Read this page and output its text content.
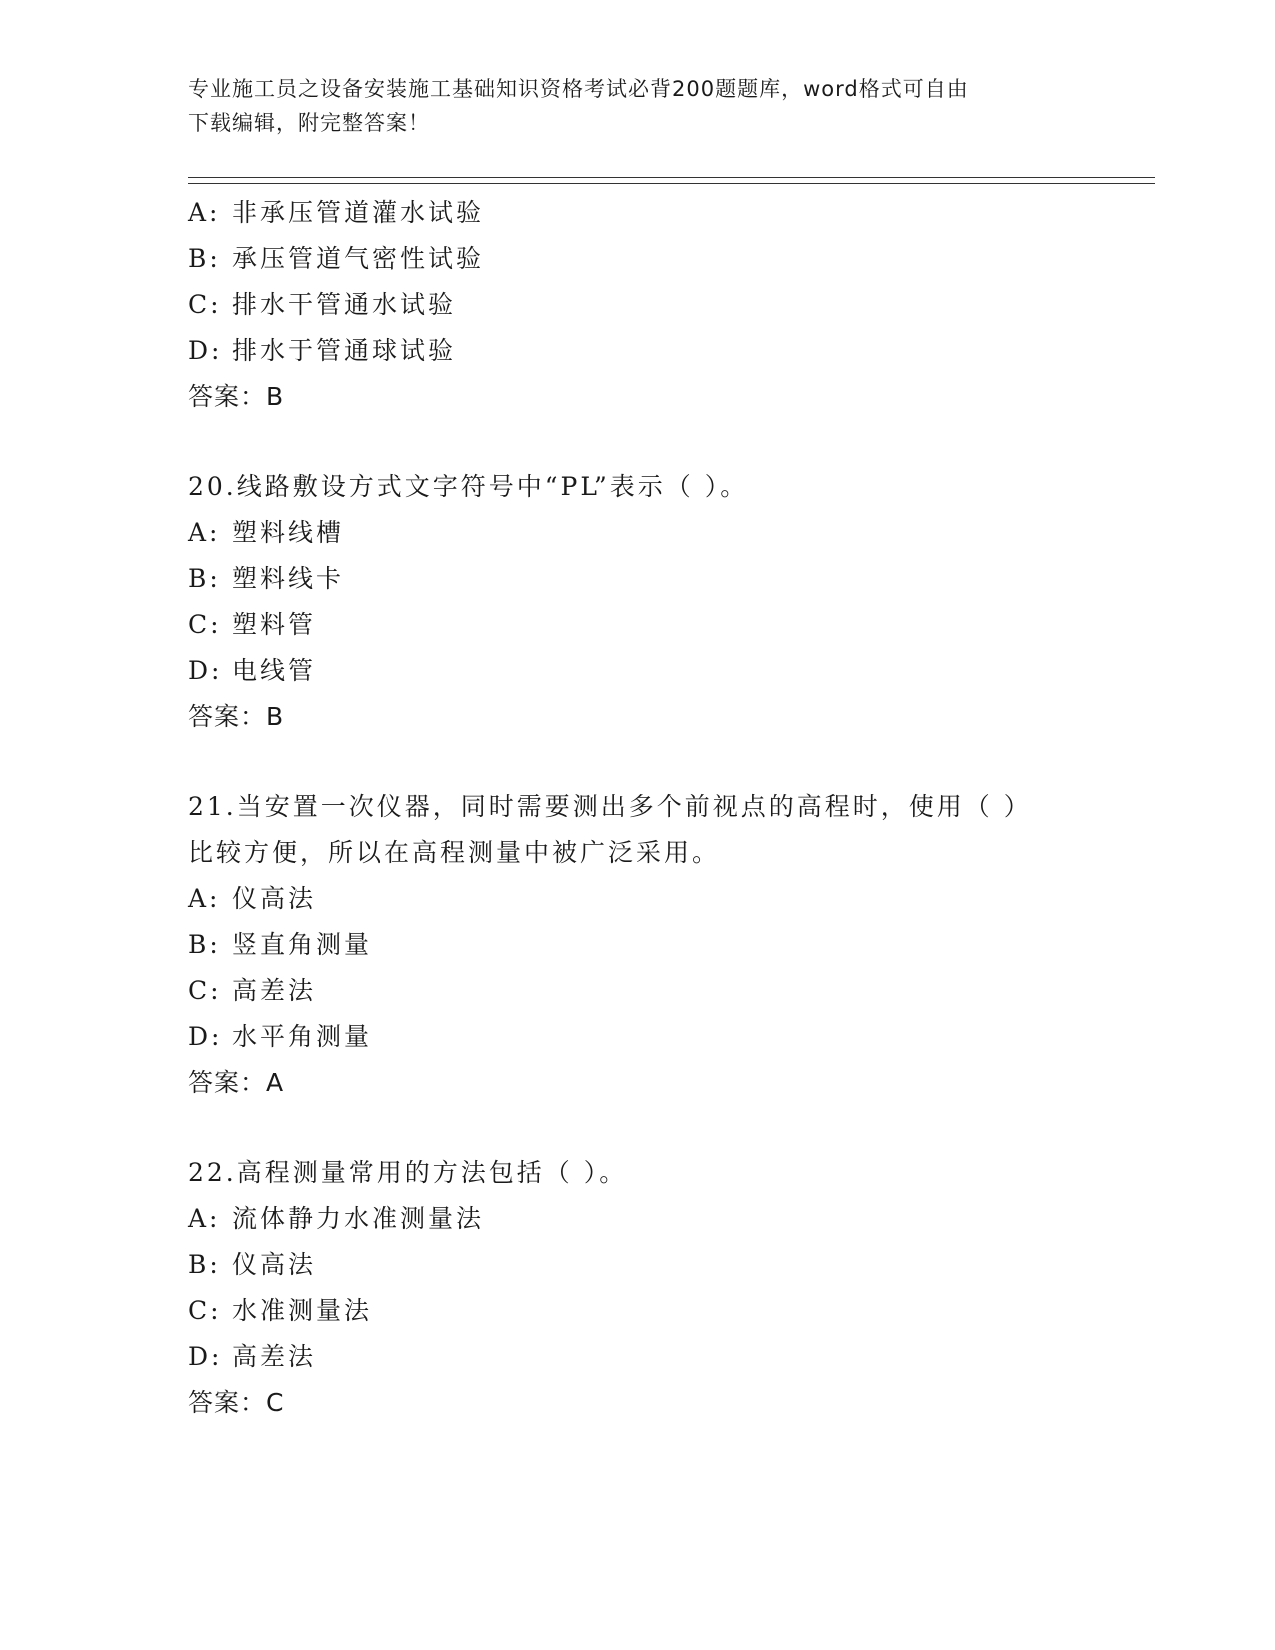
专业施工员之设备安装施工基础知识资格考试必背200题题库，word格式可自由
下载编辑，附完整答案！
A: 非承压管道灌水试验
B: 承压管道气密性试验
C: 排水干管通水试验
D: 排水于管通球试验
答案：B
20.线路敷设方式文字符号中“PL”表示（ ）。
A: 塑料线槽
B: 塑料线卡
C: 塑料管
D: 电线管
答案：B
21.当安置一次仪器，同时需要测出多个前视点的高程时，使用（ ）
比较方便，所以在高程测量中被广泛采用。
A: 仪高法
B: 竖直角测量
C: 高差法
D: 水平角测量
答案：A
22.高程测量常用的方法包括（ ）。
A: 流体静力水准测量法
B: 仪高法
C: 水准测量法
D: 高差法
答案：C
